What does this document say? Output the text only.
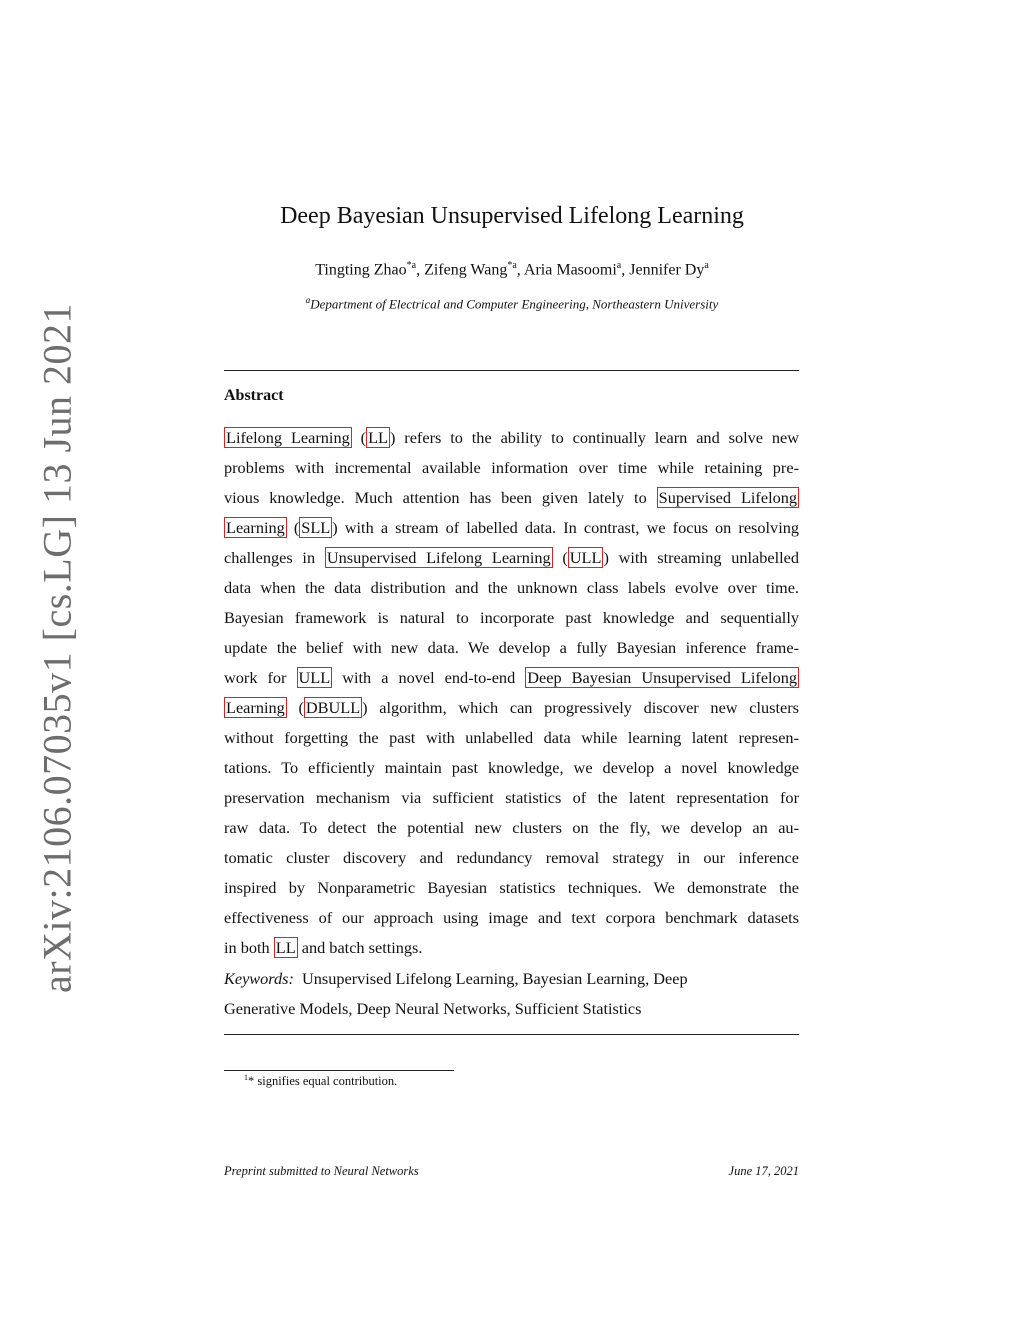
arXiv:2106.07035v1 [cs.LG] 13 Jun 2021
Deep Bayesian Unsupervised Lifelong Learning
Tingting Zhao$^{*a}$, Zifeng Wang$^{*a}$, Aria Masoomi$^a$, Jennifer Dy$^a$
$^a$Department of Electrical and Computer Engineering, Northeastern University
Abstract
Lifelong Learning ( LL ) refers to the ability to continually learn and solve new
problems with incremental available information over time while retaining pre-
vious knowledge. Much attention has been given lately to Supervised Lifelong
Learning ( SLL ) with a stream of labelled data. In contrast, we focus on resolving
challenges in Unsupervised Lifelong Learning ( ULL ) with streaming unlabelled
data when the data distribution and the unknown class labels evolve over time.
Bayesian framework is natural to incorporate past knowledge and sequentially
update the belief with new data. We develop a fully Bayesian inference frame-
work for ULL with a novel end-to-end Deep Bayesian Unsupervised Lifelong
Learning ( DBULL ) algorithm, which can progressively discover new clusters
without forgetting the past with unlabelled data while learning latent represen-
tations. To efficiently maintain past knowledge, we develop a novel knowledge
preservation mechanism via sufficient statistics of the latent representation for
raw data. To detect the potential new clusters on the fly, we develop an au-
tomatic cluster discovery and redundancy removal strategy in our inference
inspired by Nonparametric Bayesian statistics techniques. We demonstrate the
effectiveness of our approach using image and text corpora benchmark datasets
in both LL and batch settings.
Keywords: Unsupervised Lifelong Learning, Bayesian Learning, Deep
Generative Models, Deep Neural Networks, Sufficient Statistics
$^1$* signifies equal contribution.
Preprint submitted to Neural Networks	June 17, 2021
